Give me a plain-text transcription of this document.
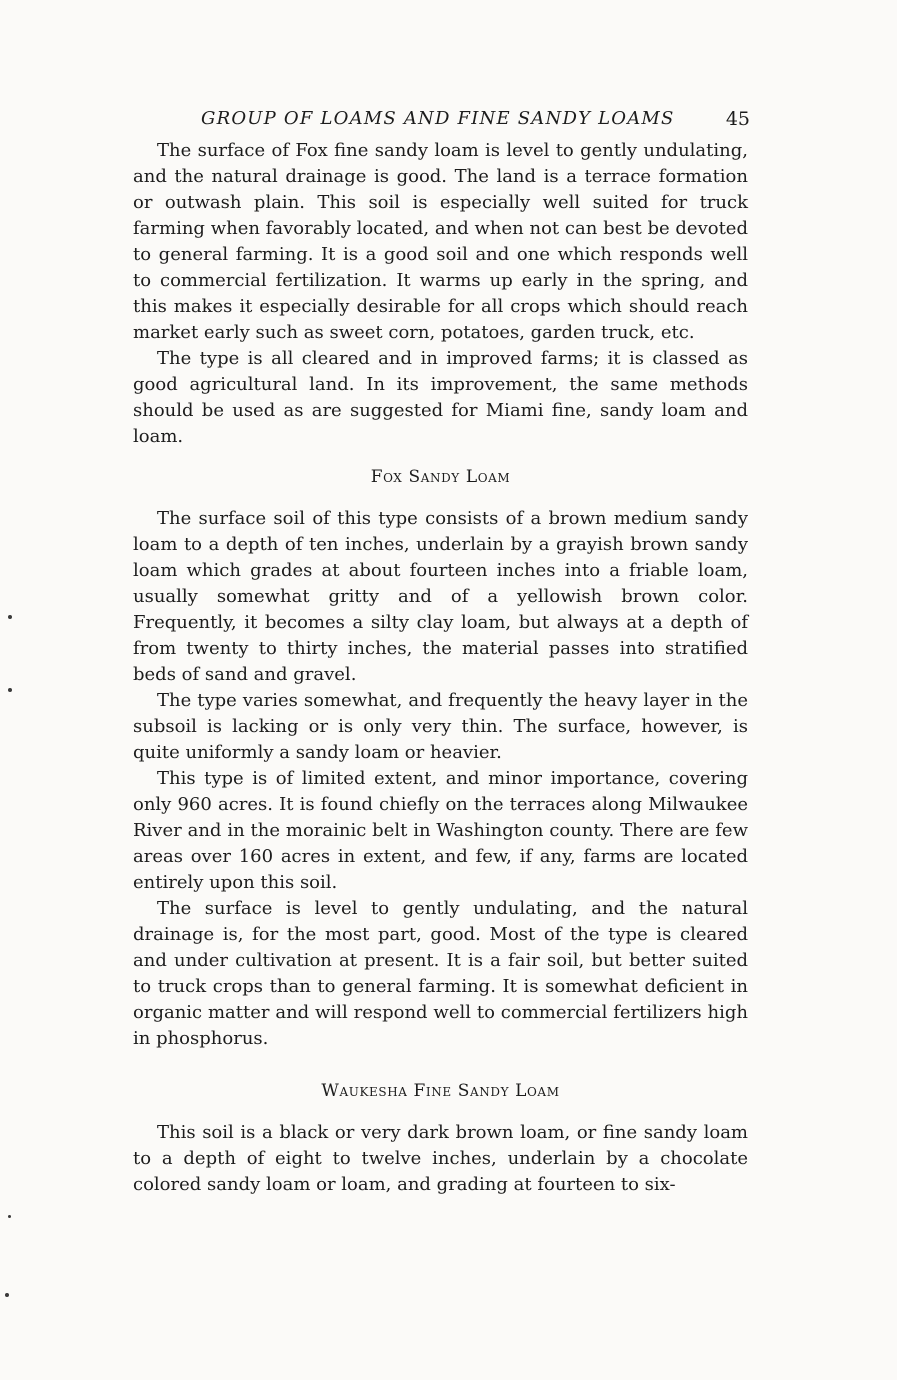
GROUP OF LOAMS AND FINE SANDY LOAMS	45

The surface of Fox fine sandy loam is level to gently undulating, and the natural drainage is good. The land is a terrace formation or outwash plain. This soil is especially well suited for truck farming when favorably located, and when not can best be devoted to general farming. It is a good soil and one which responds well to commercial fertilization. It warms up early in the spring, and this makes it especially desirable for all crops which should reach market early such as sweet corn, potatoes, garden truck, etc.

The type is all cleared and in improved farms; it is classed as good agricultural land. In its improvement, the same methods should be used as are suggested for Miami fine, sandy loam and loam.

Fox Sandy Loam

The surface soil of this type consists of a brown medium sandy loam to a depth of ten inches, underlain by a grayish brown sandy loam which grades at about fourteen inches into a friable loam, usually somewhat gritty and of a yellowish brown color. Frequently, it becomes a silty clay loam, but always at a depth of from twenty to thirty inches, the material passes into stratified beds of sand and gravel.

The type varies somewhat, and frequently the heavy layer in the subsoil is lacking or is only very thin. The surface, however, is quite uniformly a sandy loam or heavier.

This type is of limited extent, and minor importance, covering only 960 acres. It is found chiefly on the terraces along Milwaukee River and in the morainic belt in Washington county. There are few areas over 160 acres in extent, and few, if any, farms are located entirely upon this soil.

The surface is level to gently undulating, and the natural drainage is, for the most part, good. Most of the type is cleared and under cultivation at present. It is a fair soil, but better suited to truck crops than to general farming. It is somewhat deficient in organic matter and will respond well to commercial fertilizers high in phosphorus.

Waukesha Fine Sandy Loam

This soil is a black or very dark brown loam, or fine sandy loam to a depth of eight to twelve inches, underlain by a chocolate colored sandy loam or loam, and grading at fourteen to six-
